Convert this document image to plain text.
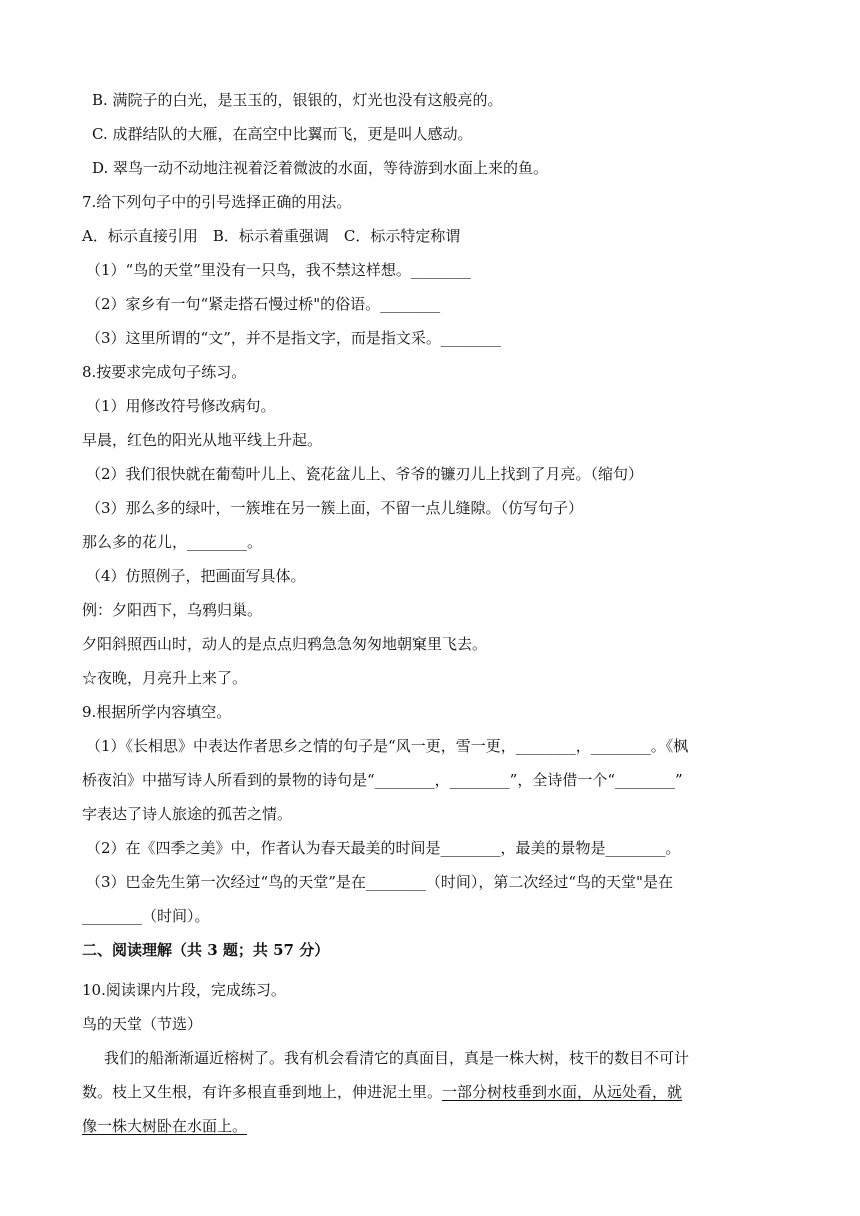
B. 满院子的白光，是玉玉的，银银的，灯光也没有这般亮的。
C. 成群结队的大雁，在高空中比翼而飞，更是叫人感动。
D. 翠鸟一动不动地注视着泛着微波的水面，等待游到水面上来的鱼。
7.给下列句子中的引号选择正确的用法。
A．标示直接引用　B．标示着重强调　C．标示特定称谓
（1）“鸟的天堂”里没有一只鸟，我不禁这样想。________
（2）家乡有一句“紧走搭石慢过桥"的俗语。________
（3）这里所谓的“文”，并不是指文字，而是指文采。________
8.按要求完成句子练习。
（1）用修改符号修改病句。
早晨，红色的阳光从地平线上升起。
（2）我们很快就在葡萄叶儿上、瓷花盆儿上、爷爷的镰刃儿上找到了月亮。（缩句）
（3）那么多的绿叶，一簇堆在另一簇上面，不留一点儿缝隙。（仿写句子）
那么多的花儿，________。
（4）仿照例子，把画面写具体。
例：夕阳西下，乌鸦归巢。
夕阳斜照西山时，动人的是点点归鸦急急匆匆地朝窠里飞去。
☆夜晚，月亮升上来了。
9.根据所学内容填空。
（1）《长相思》中表达作者思乡之情的句子是“风一更，雪一更，________，________。《枫
桥夜泊》中描写诗人所看到的景物的诗句是“________，________”，全诗借一个“________”
字表达了诗人旅途的孤苦之情。
（2）在《四季之美》中，作者认为春天最美的时间是________，最美的景物是________。
（3）巴金先生第一次经过“鸟的天堂”是在________（时间），第二次经过“鸟的天堂"是在
________（时间）。
二、阅读理解（共 3 题；共 57 分）
10.阅读课内片段，完成练习。
鸟的天堂（节选）
我们的船渐渐逼近榕树了。我有机会看清它的真面目，真是一株大树，枝干的数目不可计
数。枝上又生根，有许多根直垂到地上，伸进泥土里。一部分树枝垂到水面，从远处看，就
像一株大树卧在水面上。
